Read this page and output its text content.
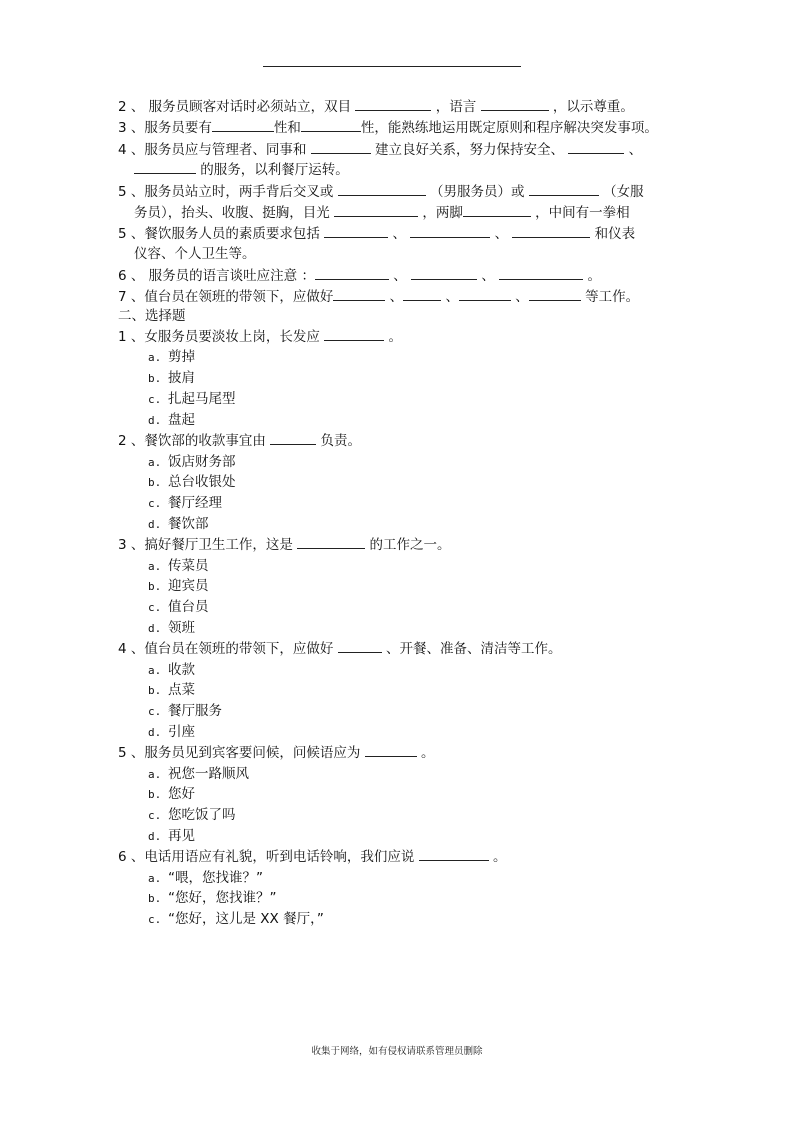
2 、 服务员顾客对话时必须站立，双目	，语言	，以示尊重。
3 、服务员要有	性和	性，能熟练地运用既定原则和程序解决突发事项。
4 、服务员应与管理者、同事和	建立良好关系，努力保持安全、	、
的服务，以利餐厅运转。
5 、服务员站立时，两手背后交叉或	（男服务员）或	（女服
务员），抬头、收腹、挺胸，目光	，两脚	，中间有一拳相
5 、餐饮服务人员的素质要求包括	、	、	和仪表
仪容、个人卫生等。
6 、 服务员的语言谈吐应注意 ：	、	、	。
7 、值台员在领班的带领下，应做好	、	、	、	等工作。
二、选择题
1 、女服务员要淡妆上岗，长发应	。
a. 剪掉
b. 披肩
c. 扎起马尾型
d. 盘起
2 、餐饮部的收款事宜由	负责。
a. 饭店财务部
b. 总台收银处
c. 餐厅经理
d. 餐饮部
3 、搞好餐厅卫生工作，这是	的工作之一。
a. 传菜员
b. 迎宾员
c. 值台员
d. 领班
4 、值台员在领班的带领下，应做好	、开餐、准备、清洁等工作。
a. 收款
b. 点菜
c. 餐厅服务
d. 引座
5 、服务员见到宾客要问候，问候语应为	。
a. 祝您一路顺风
b. 您好
c. 您吃饭了吗
d. 再见
6 、电话用语应有礼貌，听到电话铃响，我们应说	。
a. “喂，您找谁？”
b. “您好，您找谁？”
c. “您好，这儿是 XX 餐厅，”
收集于网络，如有侵权请联系管理员删除
